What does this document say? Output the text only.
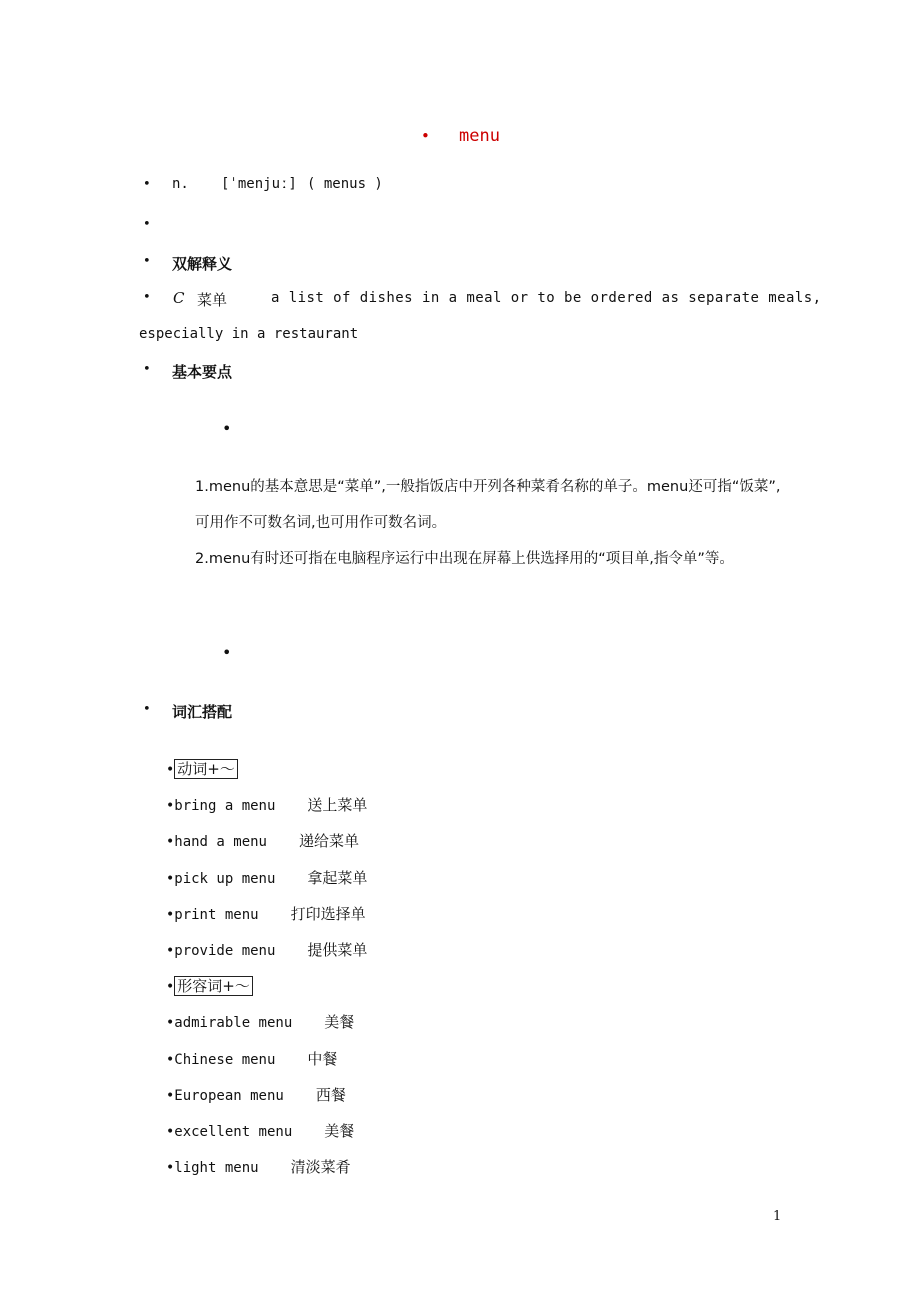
• menu
• n. [ˈmenjuː] ( menus )
•
• 双解释义
• C 菜单	a list of dishes in a meal or to be ordered as separate meals,
especially in a restaurant
• 基本要点
•
1.menu的基本意思是“菜单”,一般指饭店中开列各种菜肴名称的单子。menu还可指“饭菜”,可用作不可数名词,也可用作可数名词。
2.menu有时还可指在电脑程序运行中出现在屏幕上供选择用的“项目单,指令单”等。
•
• 词汇搭配
• 动词+～
•bring a menu 送上菜单
•hand a menu 递给菜单
•pick up menu 拿起菜单
•print menu 打印选择单
•provide menu 提供菜单
• 形容词+～
•admirable menu 美餐
•Chinese menu 中餐
•European menu 西餐
•excellent menu 美餐
•light menu 清淡菜肴
1
